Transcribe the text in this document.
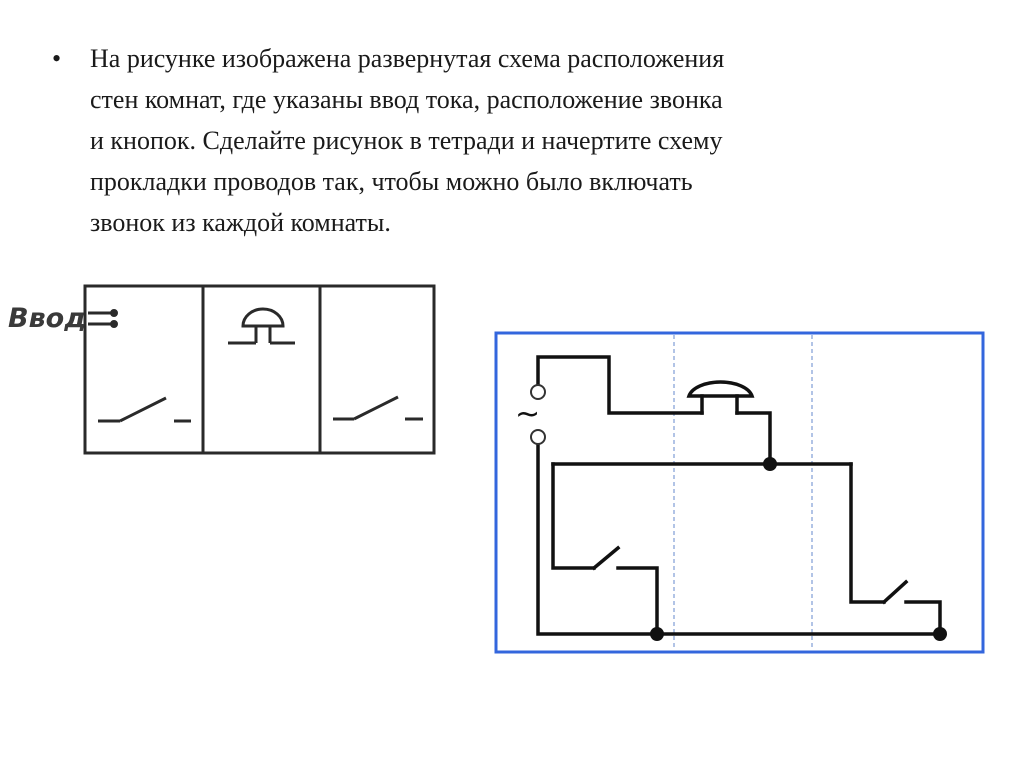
•	На рисунке изображена развернутая схема расположения
стен комнат, где указаны ввод тока, расположение звонка
и кнопок. Сделайте рисунок в тетради и начертите схему
прокладки проводов так, чтобы можно было включать
звонок из каждой комнаты.

Ввод
~
